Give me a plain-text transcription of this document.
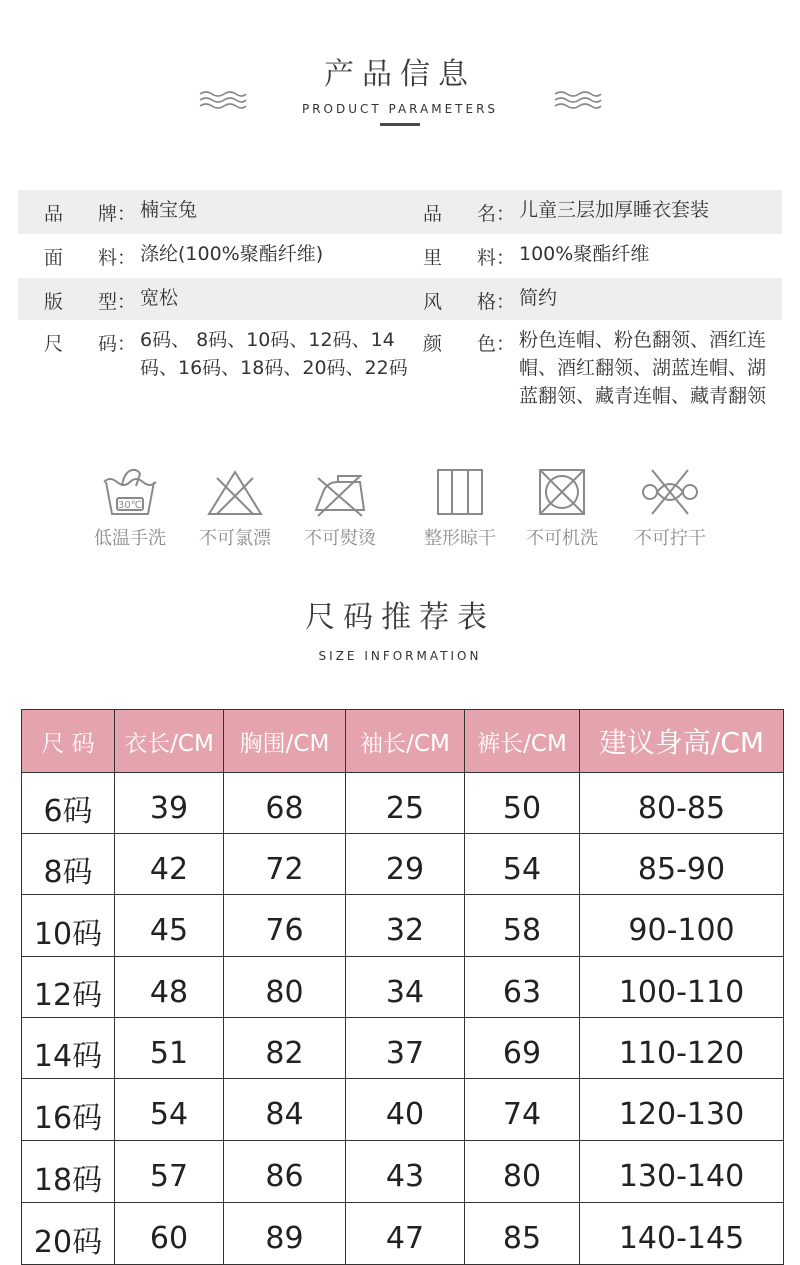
产品信息
PRODUCT PARAMETERS
品 牌： 楠宝兔	品 名： 儿童三层加厚睡衣套装
面 料： 涤纶(100%聚酯纤维)	里 料： 100%聚酯纤维
版 型： 宽松	风 格： 简约
尺 码： 6码、 8码、10码、12码、14码、16码、18码、20码、22码
颜 色： 粉色连帽、粉色翻领、酒红连帽、酒红翻领、湖蓝连帽、湖蓝翻领、藏青连帽、藏青翻领
30℃
低温手洗	不可氯漂	不可熨烫	整形晾干	不可机洗	不可拧干
尺码推荐表
SIZE INFORMATION
尺 码	衣长/CM	胸围/CM	袖长/CM	裤长/CM	建议身高/CM
6码	39	68	25	50	80-85
8码	42	72	29	54	85-90
10码	45	76	32	58	90-100
12码	48	80	34	63	100-110
14码	51	82	37	69	110-120
16码	54	84	40	74	120-130
18码	57	86	43	80	130-140
20码	60	89	47	85	140-145
